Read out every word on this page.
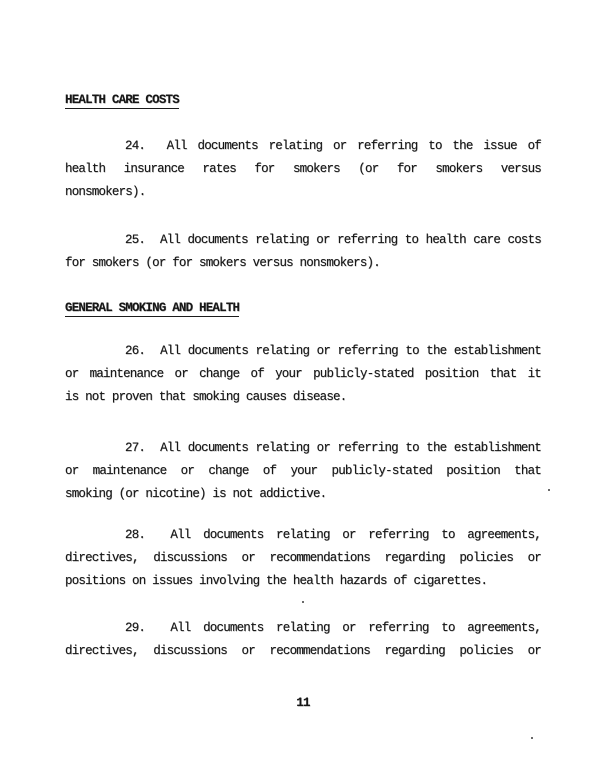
HEALTH CARE COSTS
24.  All documents relating or referring to the issue of
health insurance rates for smokers (or for smokers versus
nonsmokers).
25.  All documents relating or referring to health care costs
for smokers (or for smokers versus nonsmokers).
GENERAL SMOKING AND HEALTH
26.  All documents relating or referring to the establishment
or maintenance or change of your publicly-stated position that it
is not proven that smoking causes disease.
27.  All documents relating or referring to the establishment
or maintenance or change of your publicly-stated position that
smoking (or nicotine) is not addictive.
28.  All documents relating or referring to agreements,
directives, discussions or recommendations regarding policies or
positions on issues involving the health hazards of cigarettes.
29.  All documents relating or referring to agreements,
directives, discussions or recommendations regarding policies or
11
